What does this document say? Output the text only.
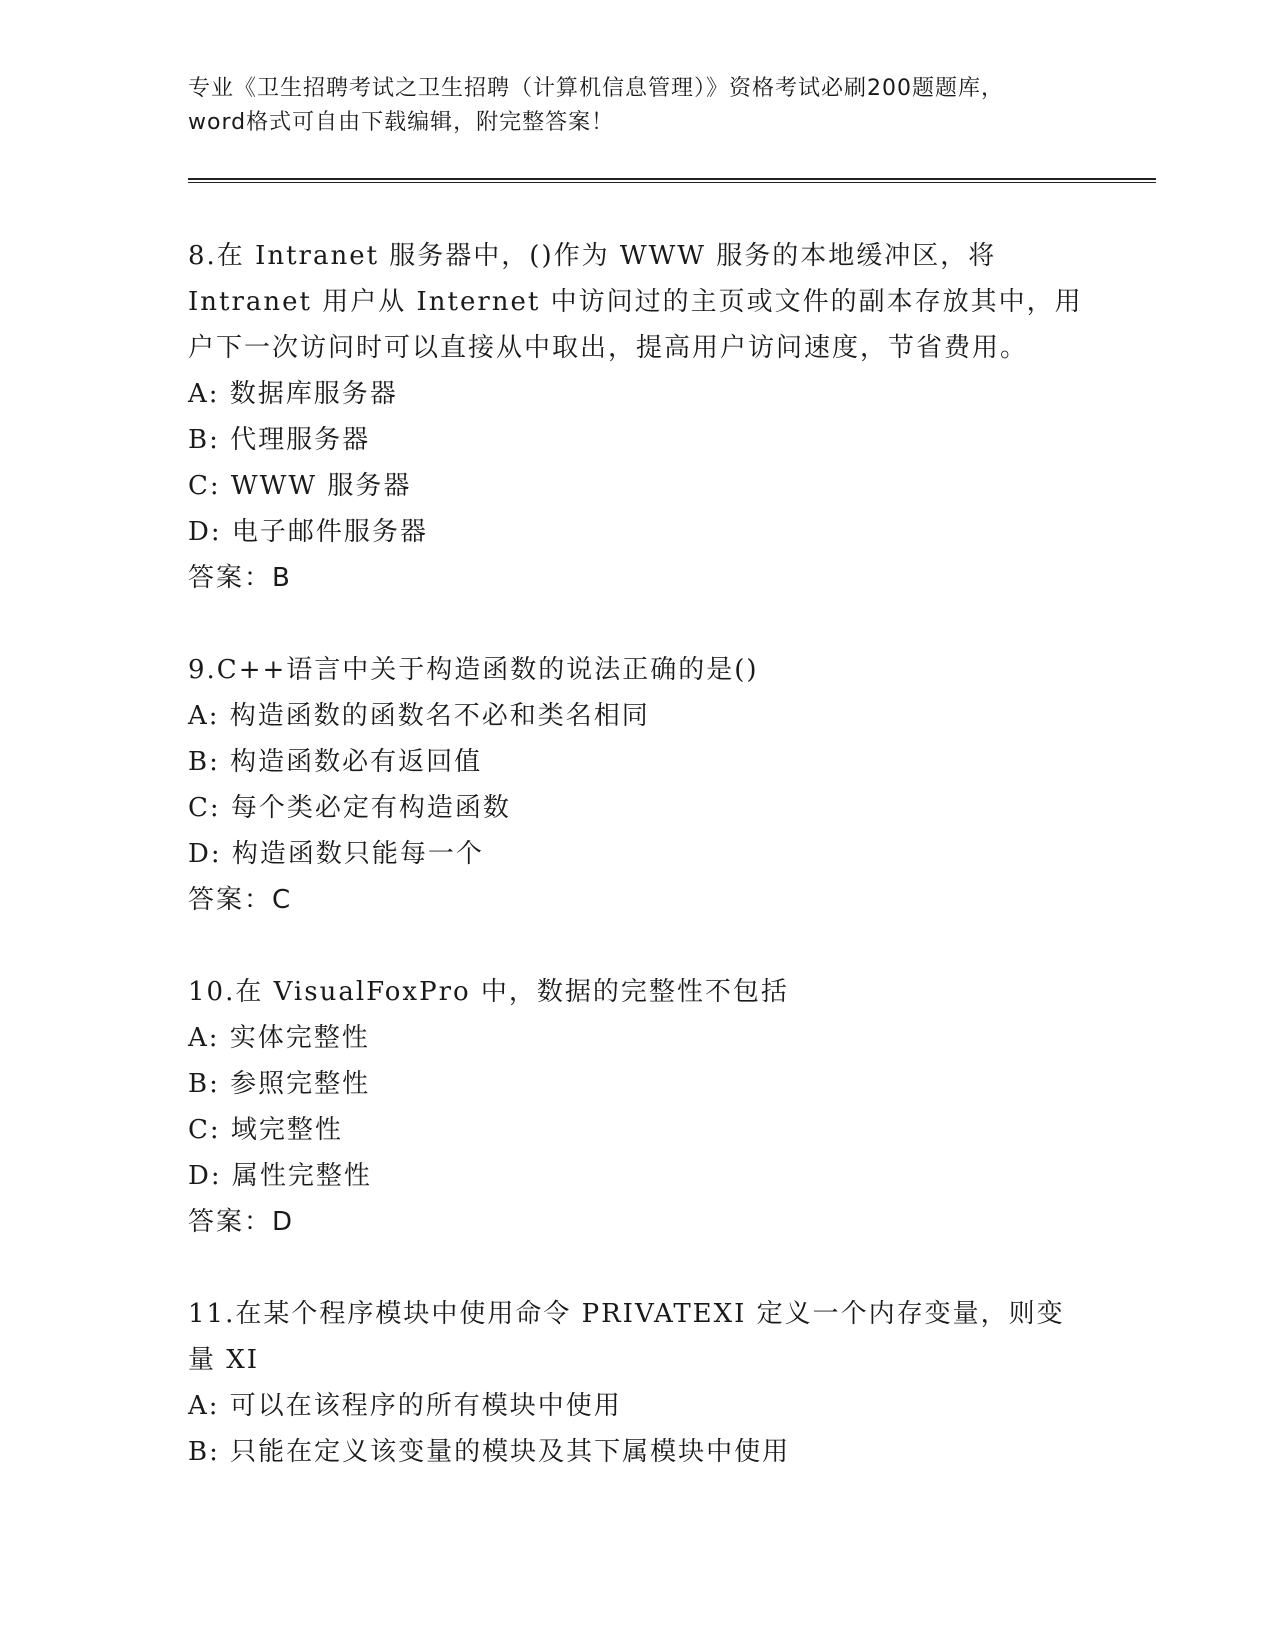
专业《卫生招聘考试之卫生招聘（计算机信息管理）》资格考试必刷200题题库，
word格式可自由下载编辑，附完整答案！
8.在 Intranet 服务器中，()作为 WWW 服务的本地缓冲区，将 Intranet 用户从 Internet 中访问过的主页或文件的副本存放其中，用户下一次访问时可以直接从中取出，提高用户访问速度，节省费用。
A: 数据库服务器
B: 代理服务器
C: WWW 服务器
D: 电子邮件服务器
答案：B
9.C++语言中关于构造函数的说法正确的是()
A: 构造函数的函数名不必和类名相同
B: 构造函数必有返回值
C: 每个类必定有构造函数
D: 构造函数只能每一个
答案：C
10.在 VisualFoxPro 中，数据的完整性不包括
A: 实体完整性
B: 参照完整性
C: 域完整性
D: 属性完整性
答案：D
11.在某个程序模块中使用命令 PRIVATEXI 定义一个内存变量，则变量 XI
A: 可以在该程序的所有模块中使用
B: 只能在定义该变量的模块及其下属模块中使用
